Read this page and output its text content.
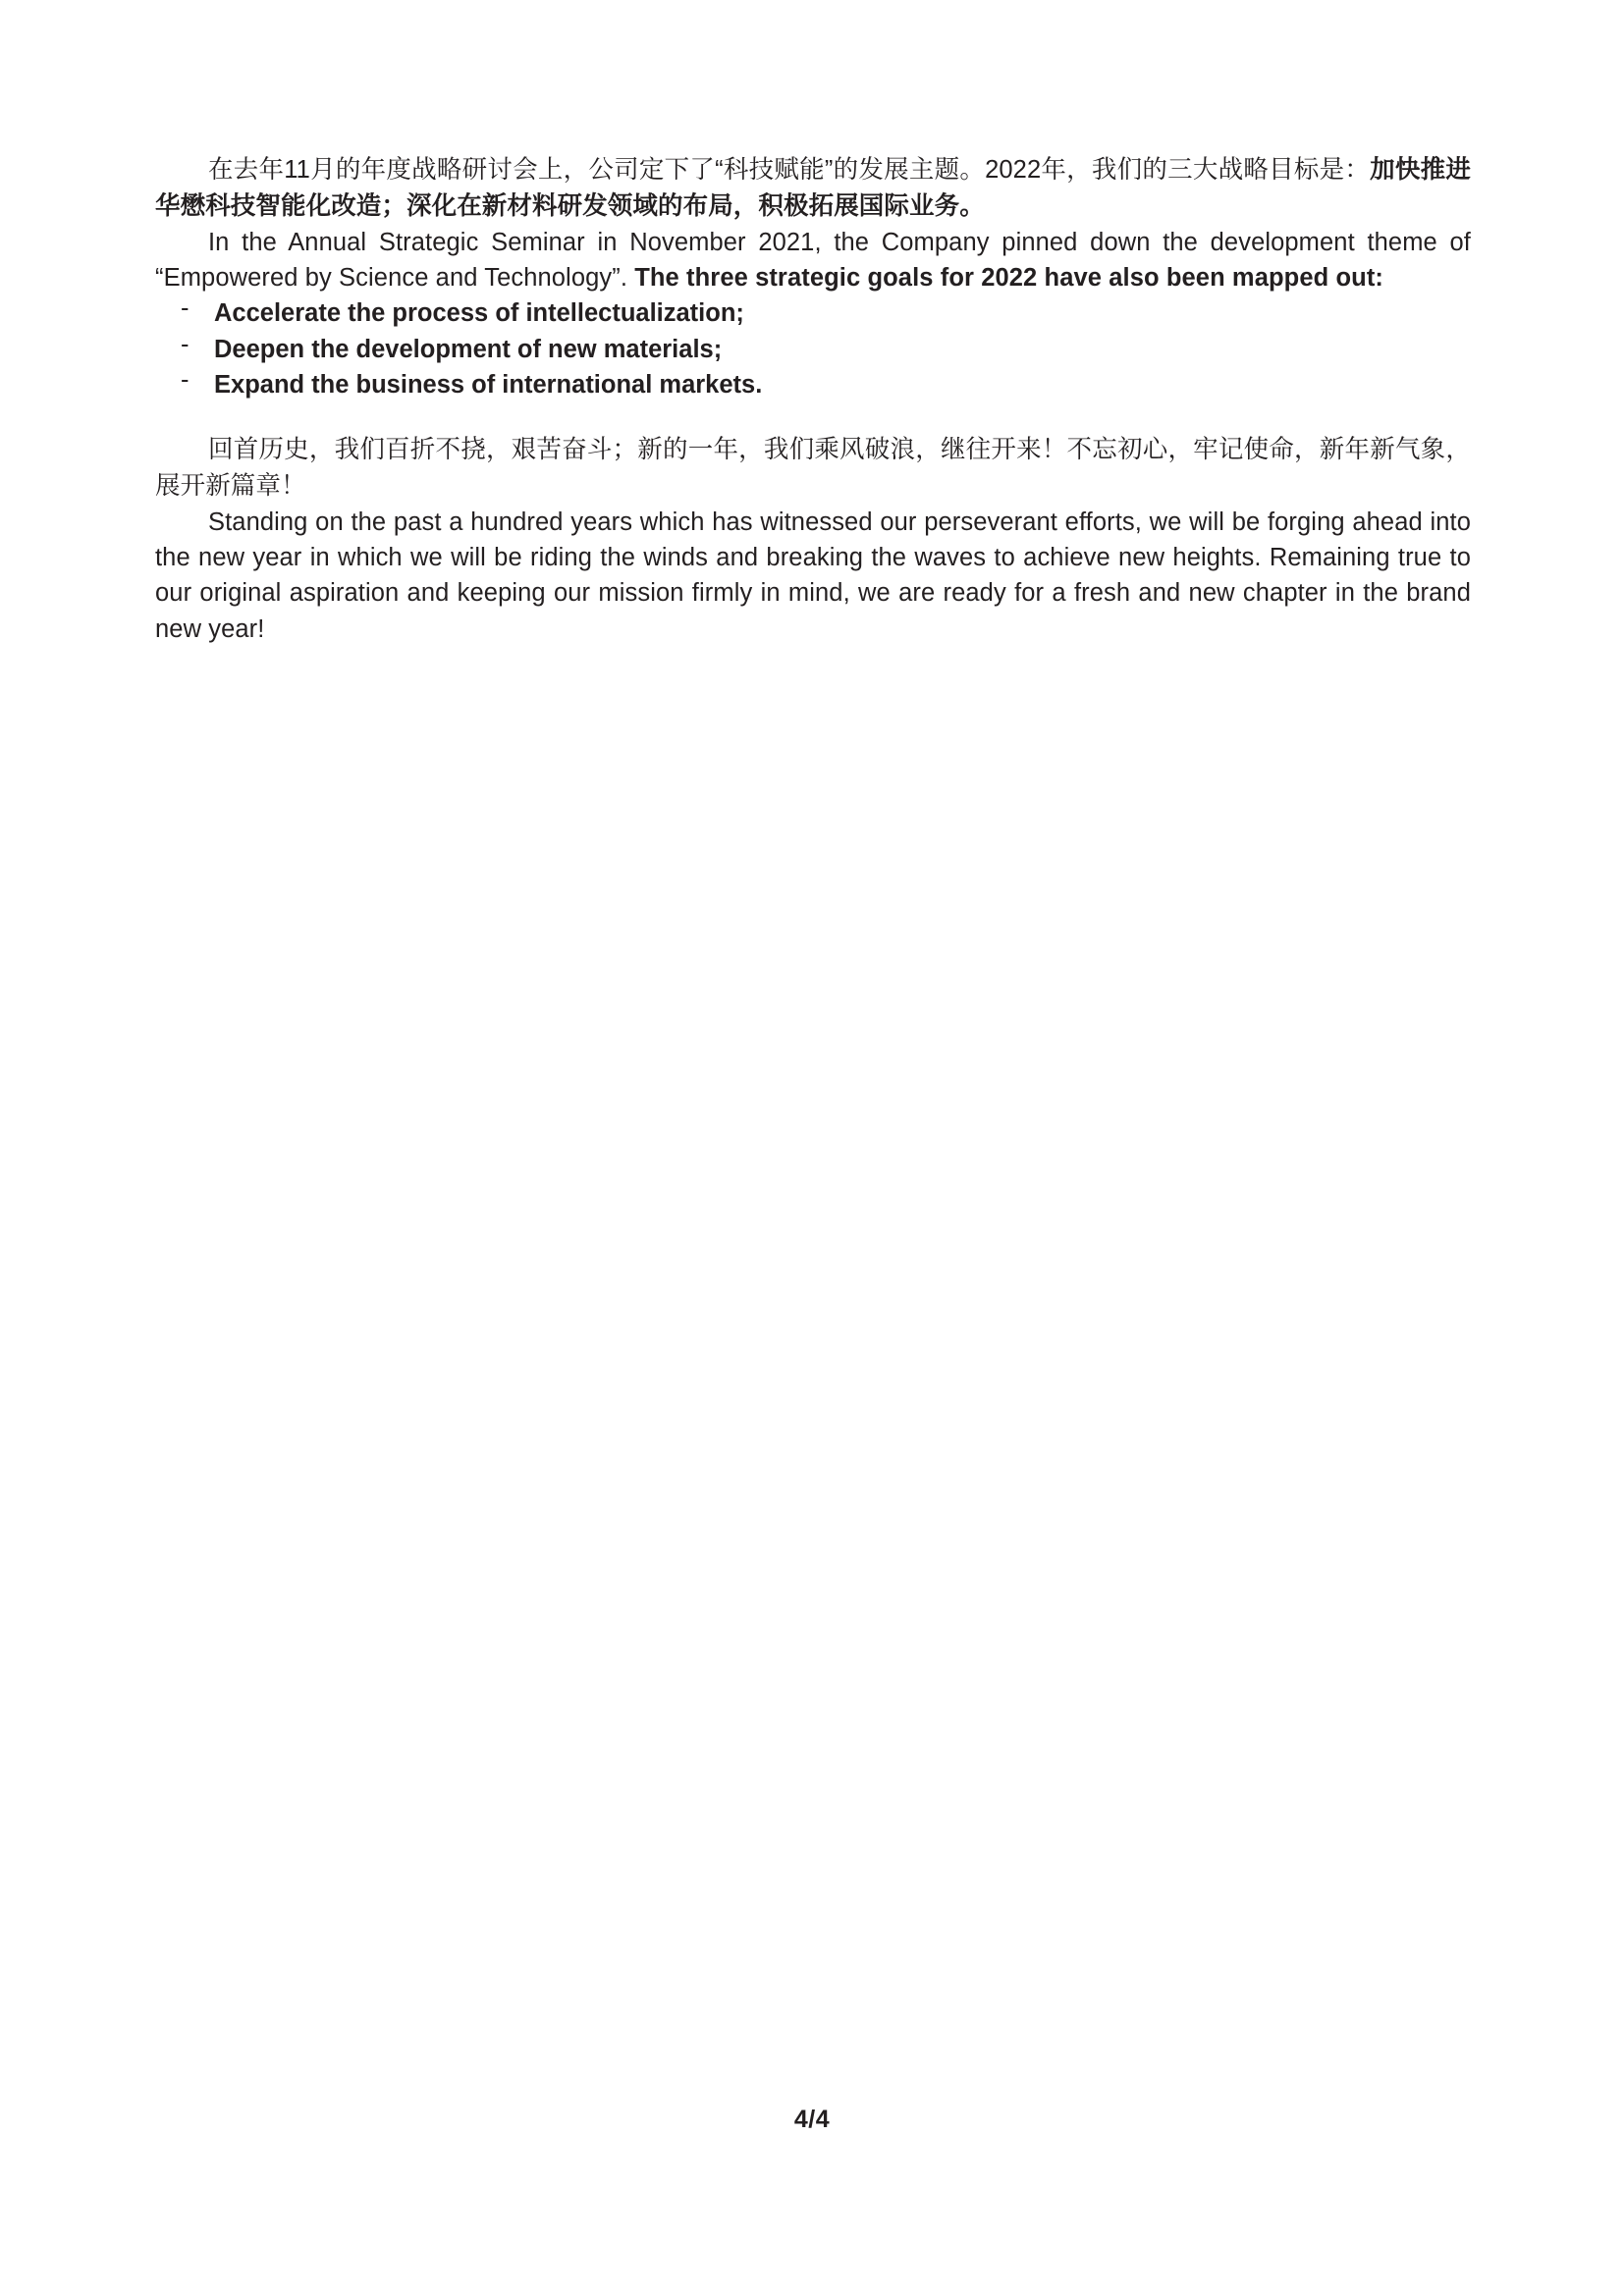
在去年11月的年度战略研讨会上，公司定下了“科技赋能”的发展主题。2022年，我们的三大战略目标是：加快推进华懋科技智能化改造；深化在新材料研发领域的布局，积极拓展国际业务。

In the Annual Strategic Seminar in November 2021, the Company pinned down the development theme of “Empowered by Science and Technology”. The three strategic goals for 2022 have also been mapped out:

- Accelerate the process of intellectualization;
- Deepen the development of new materials;
- Expand the business of international markets.

回首历史，我们百折不挠，艰苦奋斗；新的一年，我们乘风破浪，继往开来！不忘初心，牢记使命，新年新气象，展开新篇章！

Standing on the past a hundred years which has witnessed our perseverant efforts, we will be forging ahead into the new year in which we will be riding the winds and breaking the waves to achieve new heights. Remaining true to our original aspiration and keeping our mission firmly in mind, we are ready for a fresh and new chapter in the brand new year!

4/4
